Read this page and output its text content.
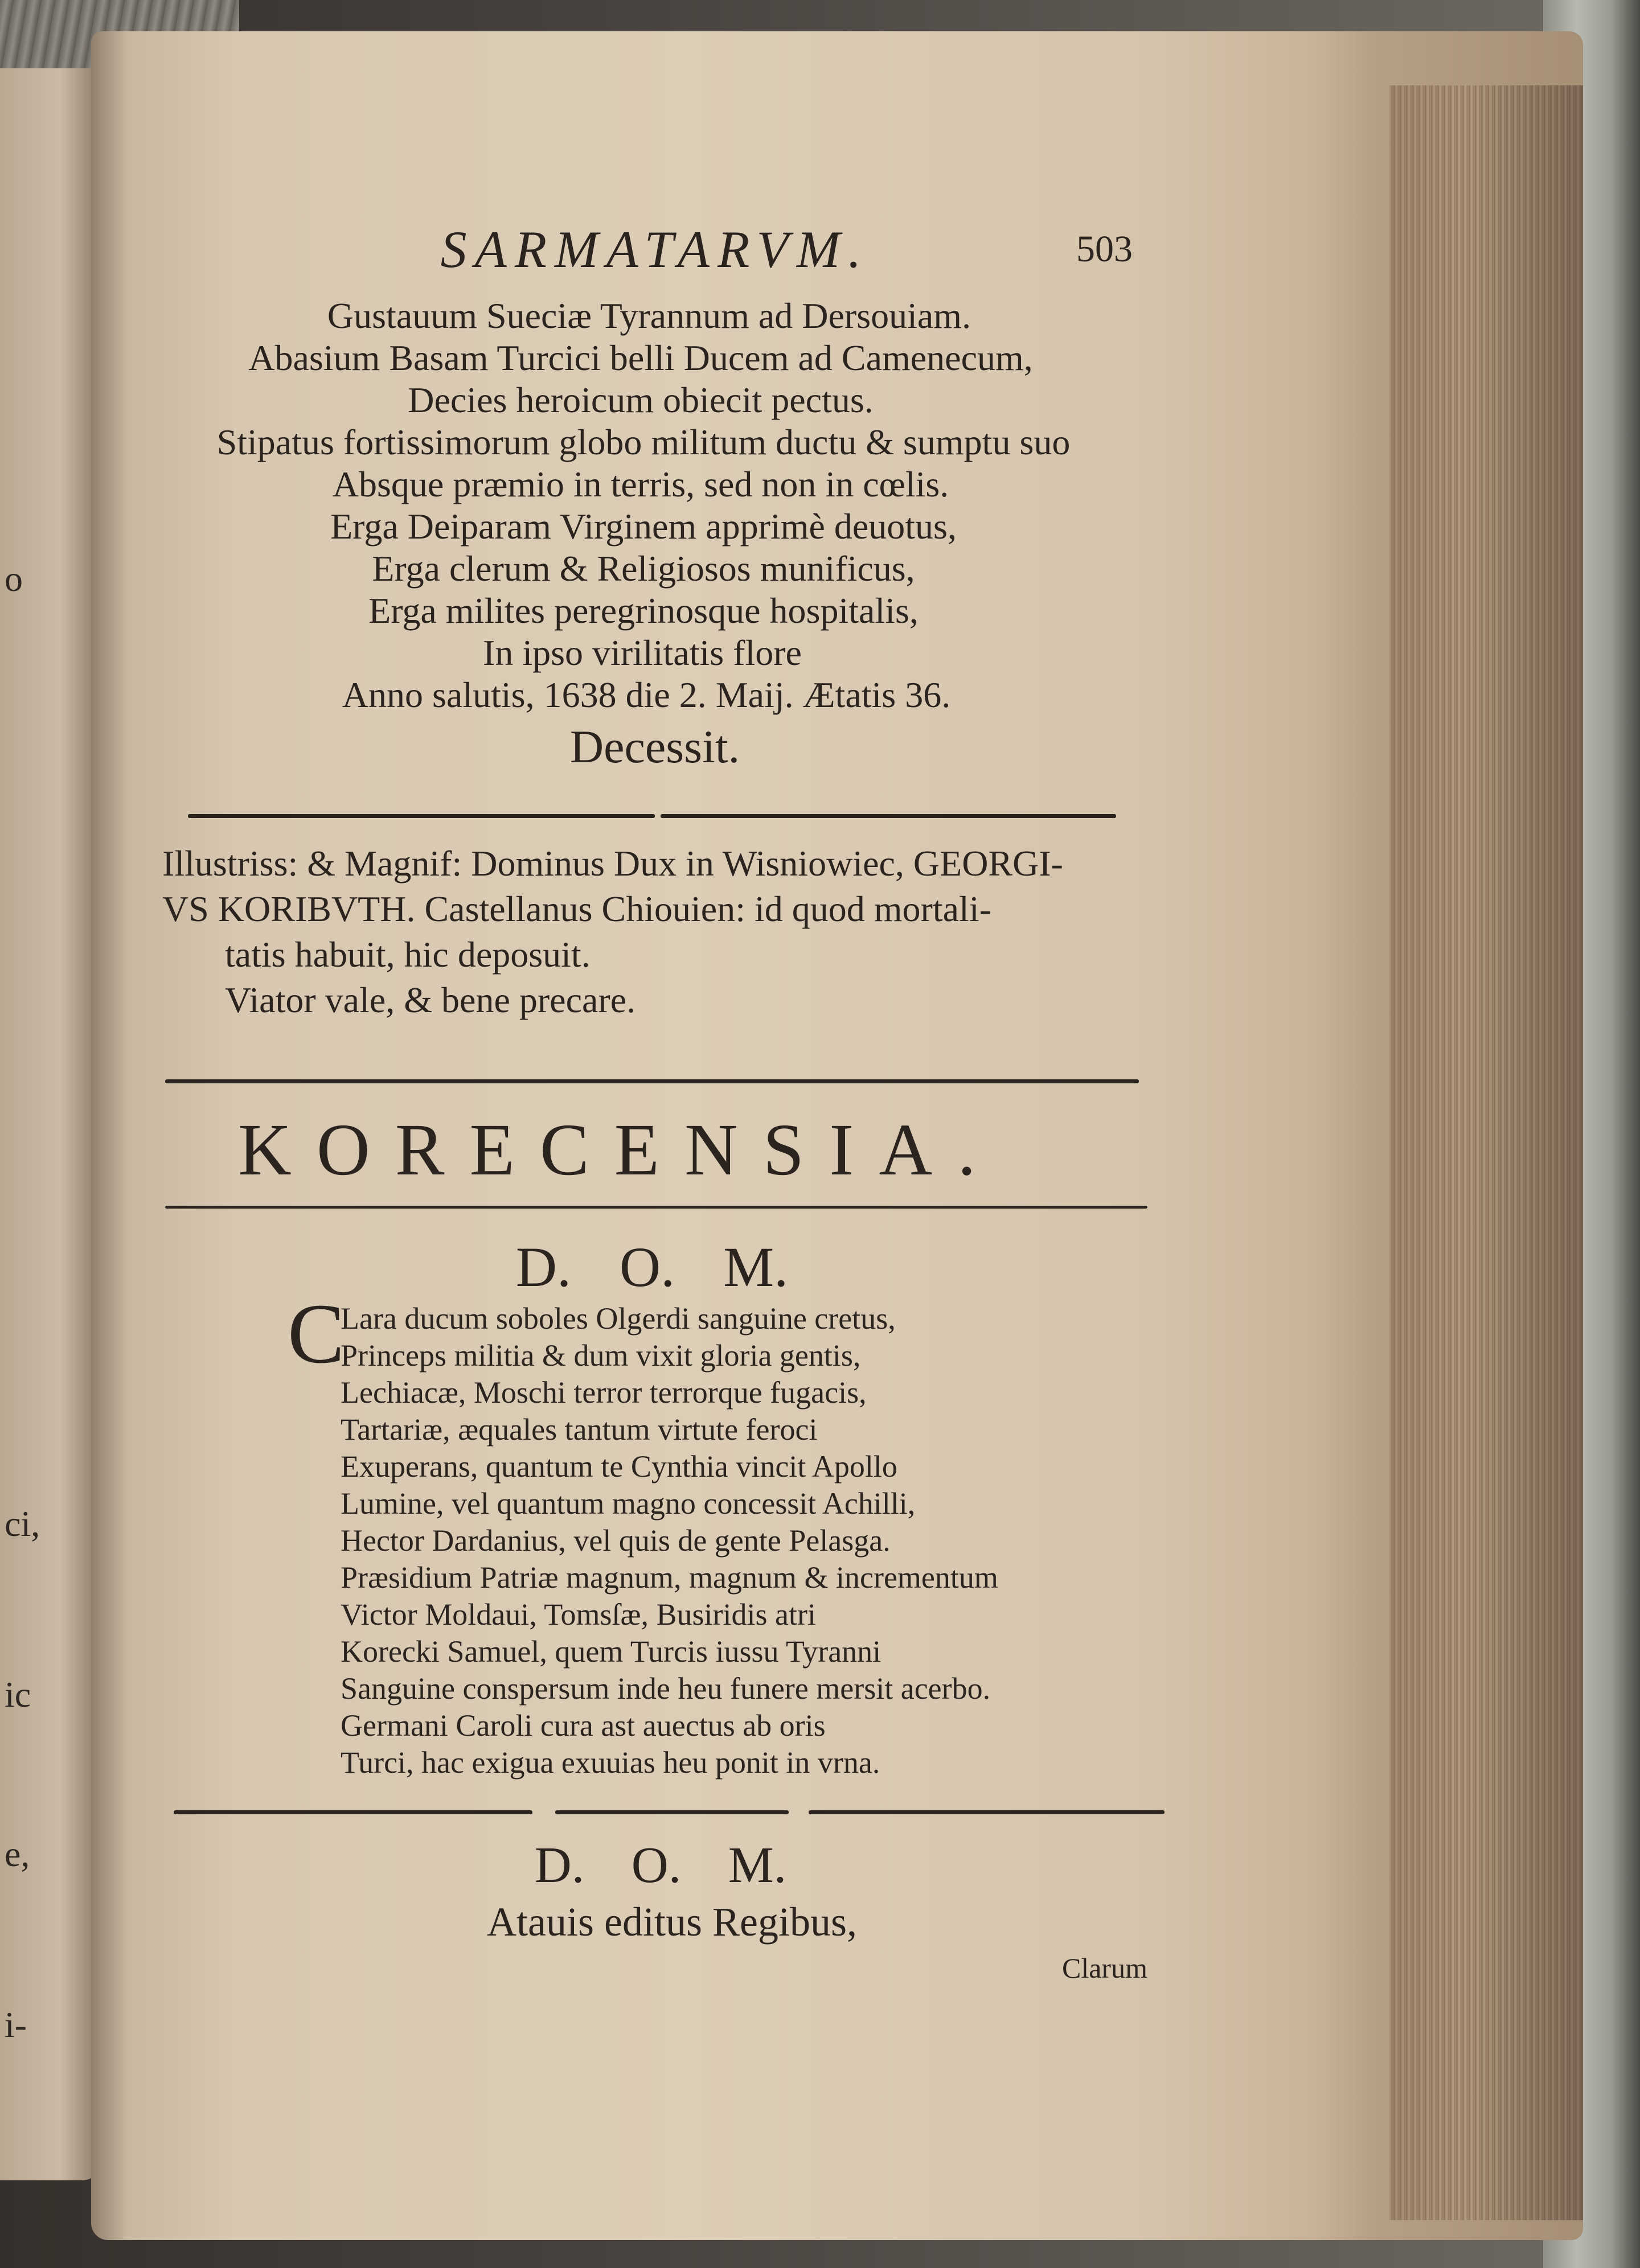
o
ci,
ic
e,
i-
SARMATARVM.	503
Gustauum Sueciæ Tyrannum ad Dersouiam.
Abasium Basam Turcici belli Ducem ad Camenecum,
Decies heroicum obiecit pectus.
Stipatus fortissimorum globo militum ductu & sumptu suo
Absque præmio in terris, sed non in cœlis.
Erga Deiparam Virginem apprimè deuotus,
Erga clerum & Religiosos munificus,
Erga milites peregrinosque hospitalis,
In ipso virilitatis flore
Anno salutis, 1638 die 2. Maij. Ætatis 36.
Decessit.
Illustriss: & Magnif: Dominus Dux in Wisniowiec, GEORGI-
VS KORIBVTH. Castellanus Chiouien: id quod mortali-
tatis habuit, hic deposuit.
Viator vale, & bene precare.
KORECENSIA.
D. O. M.
C
Lara ducum soboles Olgerdi sanguine cretus,
Princeps militia & dum vixit gloria gentis,
Lechiacæ, Moschi terror terrorque fugacis,
Tartariæ, æquales tantum virtute feroci
Exuperans, quantum te Cynthia vincit Apollo
Lumine, vel quantum magno concessit Achilli,
Hector Dardanius, vel quis de gente Pelasga.
Præsidium Patriæ magnum, magnum & incrementum
Victor Moldaui, Tomsſæ, Busiridis atri
Korecki Samuel, quem Turcis iussu Tyranni
Sanguine conspersum inde heu funere mersit acerbo.
Germani Caroli cura ast auectus ab oris
Turci, hac exigua exuuias heu ponit in vrna.
D. O. M.
Atauis editus Regibus,
Clarum
